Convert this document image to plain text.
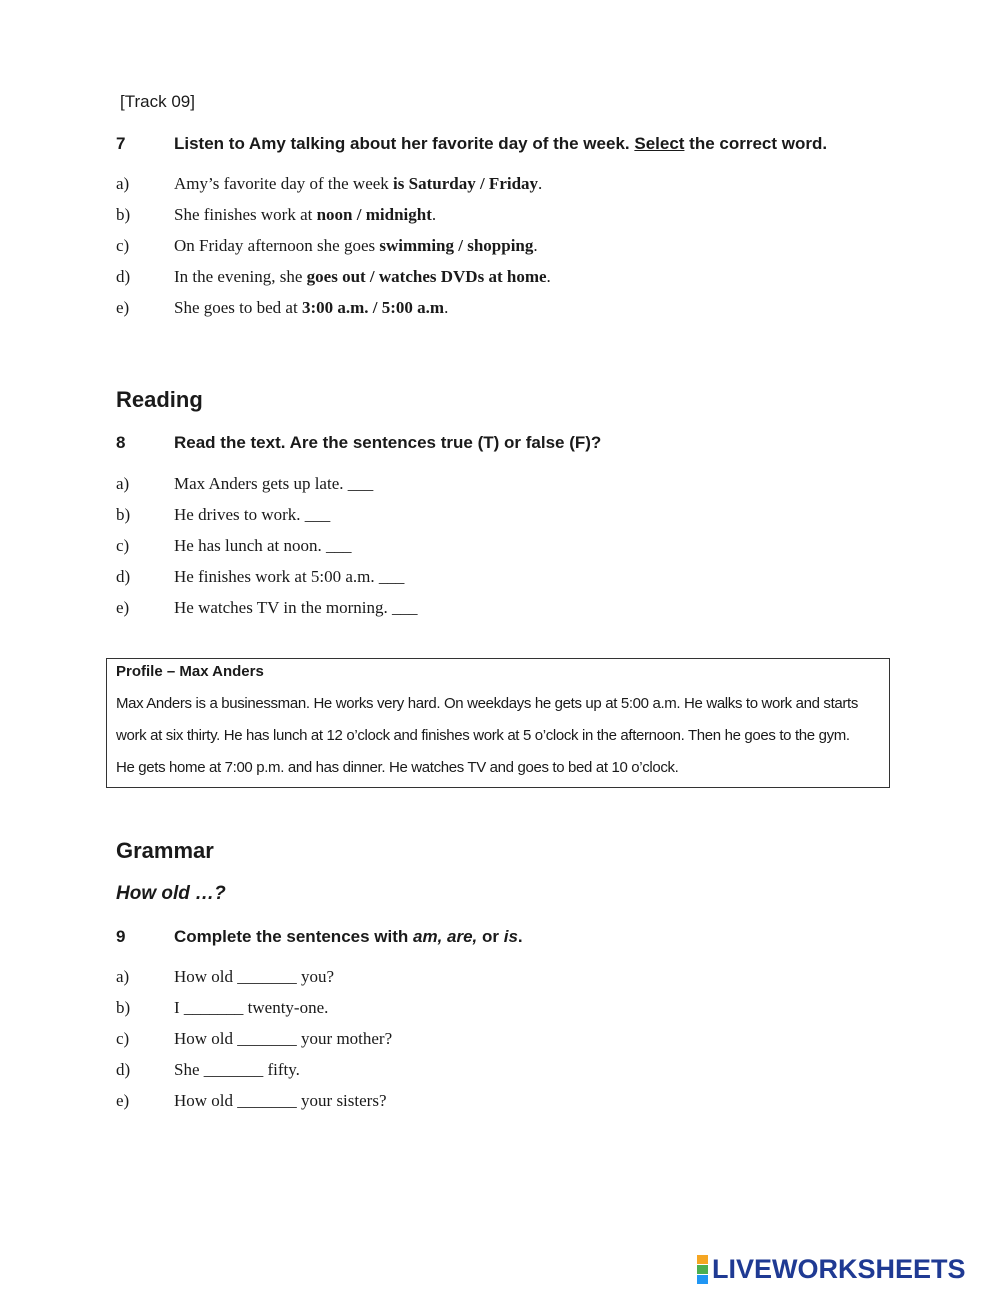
[Track 09]
7	Listen to Amy talking about her favorite day of the week. Select the correct word.
a)	Amy’s favorite day of the week is Saturday / Friday.
b)	She finishes work at noon / midnight.
c)	On Friday afternoon she goes swimming / shopping.
d)	In the evening, she goes out / watches DVDs at home.
e)	She goes to bed at 3:00 a.m. / 5:00 a.m.
Reading
8	Read the text. Are the sentences true (T) or false (F)?
a)	Max Anders gets up late. ___
b)	He drives to work. ___
c)	He has lunch at noon. ___
d)	He finishes work at 5:00 a.m. ___
e)	He watches TV in the morning. ___
Profile – Max Anders
Max Anders is a businessman. He works very hard. On weekdays he gets up at 5:00 a.m. He walks to work and starts
work at six thirty. He has lunch at 12 o’clock and finishes work at 5 o’clock in the afternoon. Then he goes to the gym.
He gets home at 7:00 p.m. and has dinner. He watches TV and goes to bed at 10 o’clock.
Grammar
How old …?
9	Complete the sentences with am, are, or is.
a)	How old _______ you?
b)	I _______ twenty-one.
c)	How old _______ your mother?
d)	She _______ fifty.
e)	How old _______ your sisters?
LIVEWORKSHEETS
